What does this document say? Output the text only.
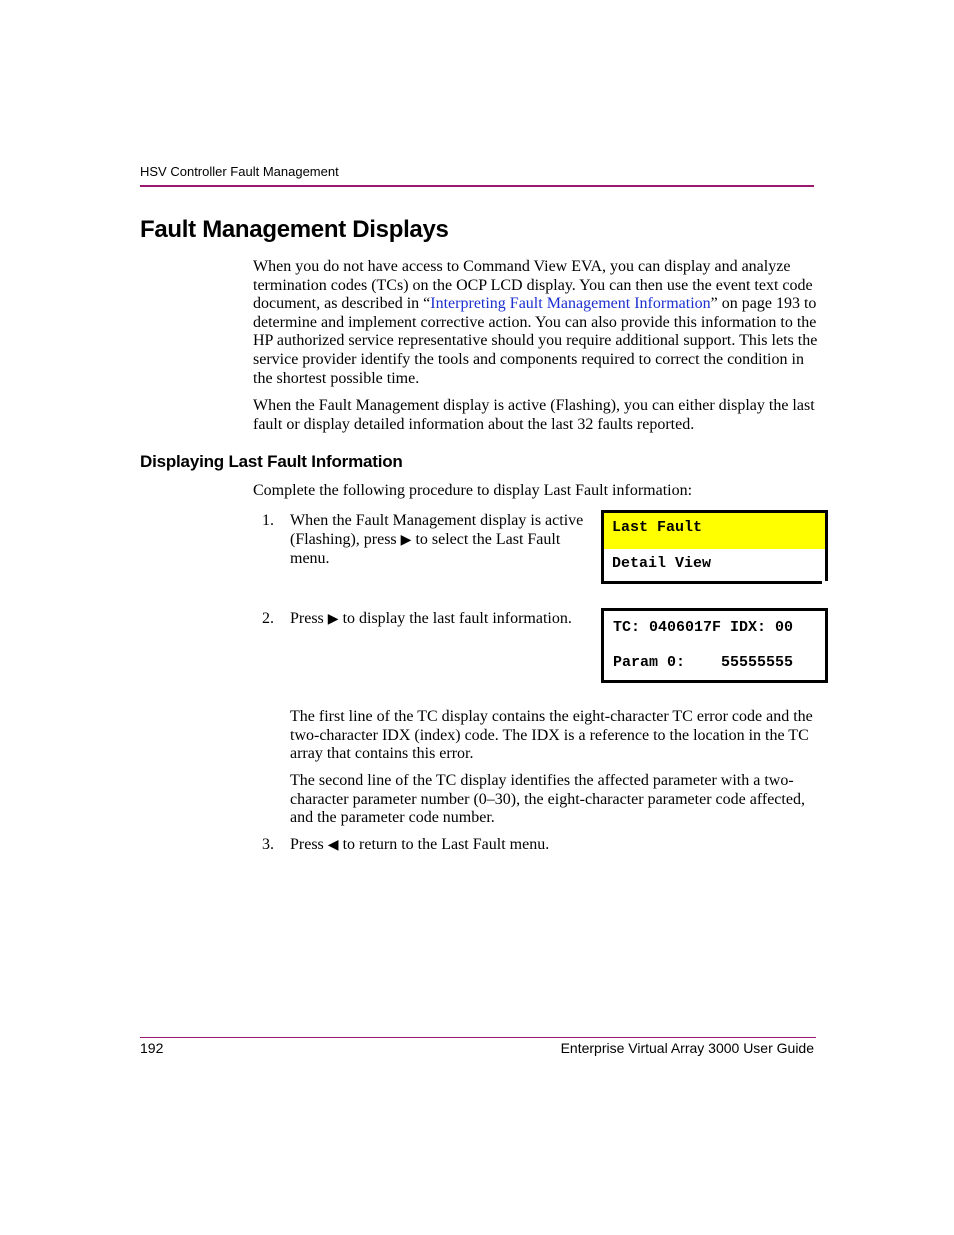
HSV Controller Fault Management
Fault Management Displays
When you do not have access to Command View EVA, you can display and analyze termination codes (TCs) on the OCP LCD display. You can then use the event text code document, as described in “Interpreting Fault Management Information” on page 193 to determine and implement corrective action. You can also provide this information to the HP authorized service representative should you require additional support. This lets the service provider identify the tools and components required to correct the condition in the shortest possible time.
When the Fault Management display is active (Flashing), you can either display the last fault or display detailed information about the last 32 faults reported.
Displaying Last Fault Information
Complete the following procedure to display Last Fault information:
1. When the Fault Management display is active (Flashing), press ▶ to select the Last Fault menu.
Last Fault
Detail View
2. Press ▶ to display the last fault information.
TC: 0406017F IDX: 00
Param 0:    55555555
The first line of the TC display contains the eight-character TC error code and the two-character IDX (index) code. The IDX is a reference to the location in the TC array that contains this error.
The second line of the TC display identifies the affected parameter with a two-character parameter number (0–30), the eight-character parameter code affected, and the parameter code number.
3. Press ◀ to return to the Last Fault menu.
192	Enterprise Virtual Array 3000 User Guide
